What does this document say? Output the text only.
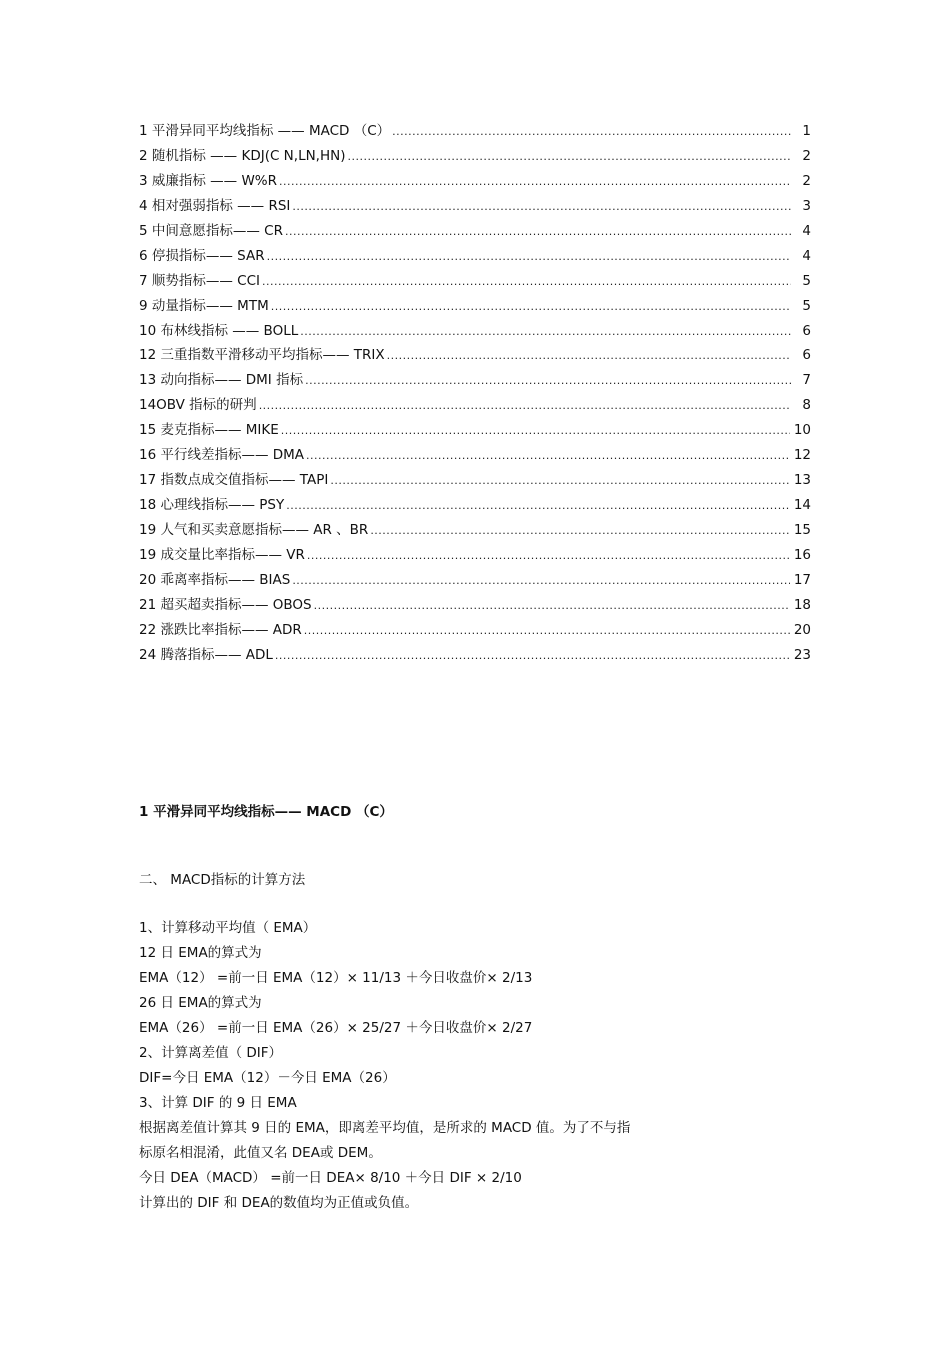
1 平滑异同平均线指标 —— MACD （C） .....	1
2 随机指标 —— KDJ(C N,LN,HN) .....	2
3 威廉指标 —— W%R .....	2
4 相对强弱指标 —— RSI .....	3
5 中间意愿指标—— CR .....	4
6 停损指标—— SAR .....	4
7 顺势指标—— CCI .....	5
9 动量指标—— MTM .....	5
10 布林线指标 —— BOLL .....	6
12 三重指数平滑移动平均指标—— TRIX .....	6
13 动向指标—— DMI 指标 .....	7
14OBV 指标的研判 .....	8
15 麦克指标—— MIKE .....	10
16 平行线差指标—— DMA .....	12
17 指数点成交值指标—— TAPI .....	13
18 心理线指标—— PSY .....	14
19 人气和买卖意愿指标—— AR 、BR .....	15
19 成交量比率指标—— VR .....	16
20 乖离率指标—— BIAS .....	17
21 超买超卖指标—— OBOS .....	18
22 涨跌比率指标—— ADR .....	20
24 腾落指标—— ADL .....	23
1 平滑异同平均线指标—— MACD （C）
二、 MACD指标的计算方法
1、计算移动平均值（ EMA）
12 日 EMA的算式为
EMA（12） =前一日 EMA（12）× 11/13 ＋今日收盘价× 2/13
26 日 EMA的算式为
EMA（26） =前一日 EMA（26）× 25/27 ＋今日收盘价× 2/27
2、计算离差值（ DIF）
DIF=今日 EMA（12）－今日 EMA（26）
3、计算 DIF 的 9 日 EMA
根据离差值计算其 9 日的 EMA，即离差平均值，是所求的 MACD 值。为了不与指
标原名相混淆，此值又名 DEA或 DEM。
今日 DEA（MACD） =前一日 DEA× 8/10 ＋今日 DIF × 2/10
计算出的 DIF 和 DEA的数值均为正值或负值。
